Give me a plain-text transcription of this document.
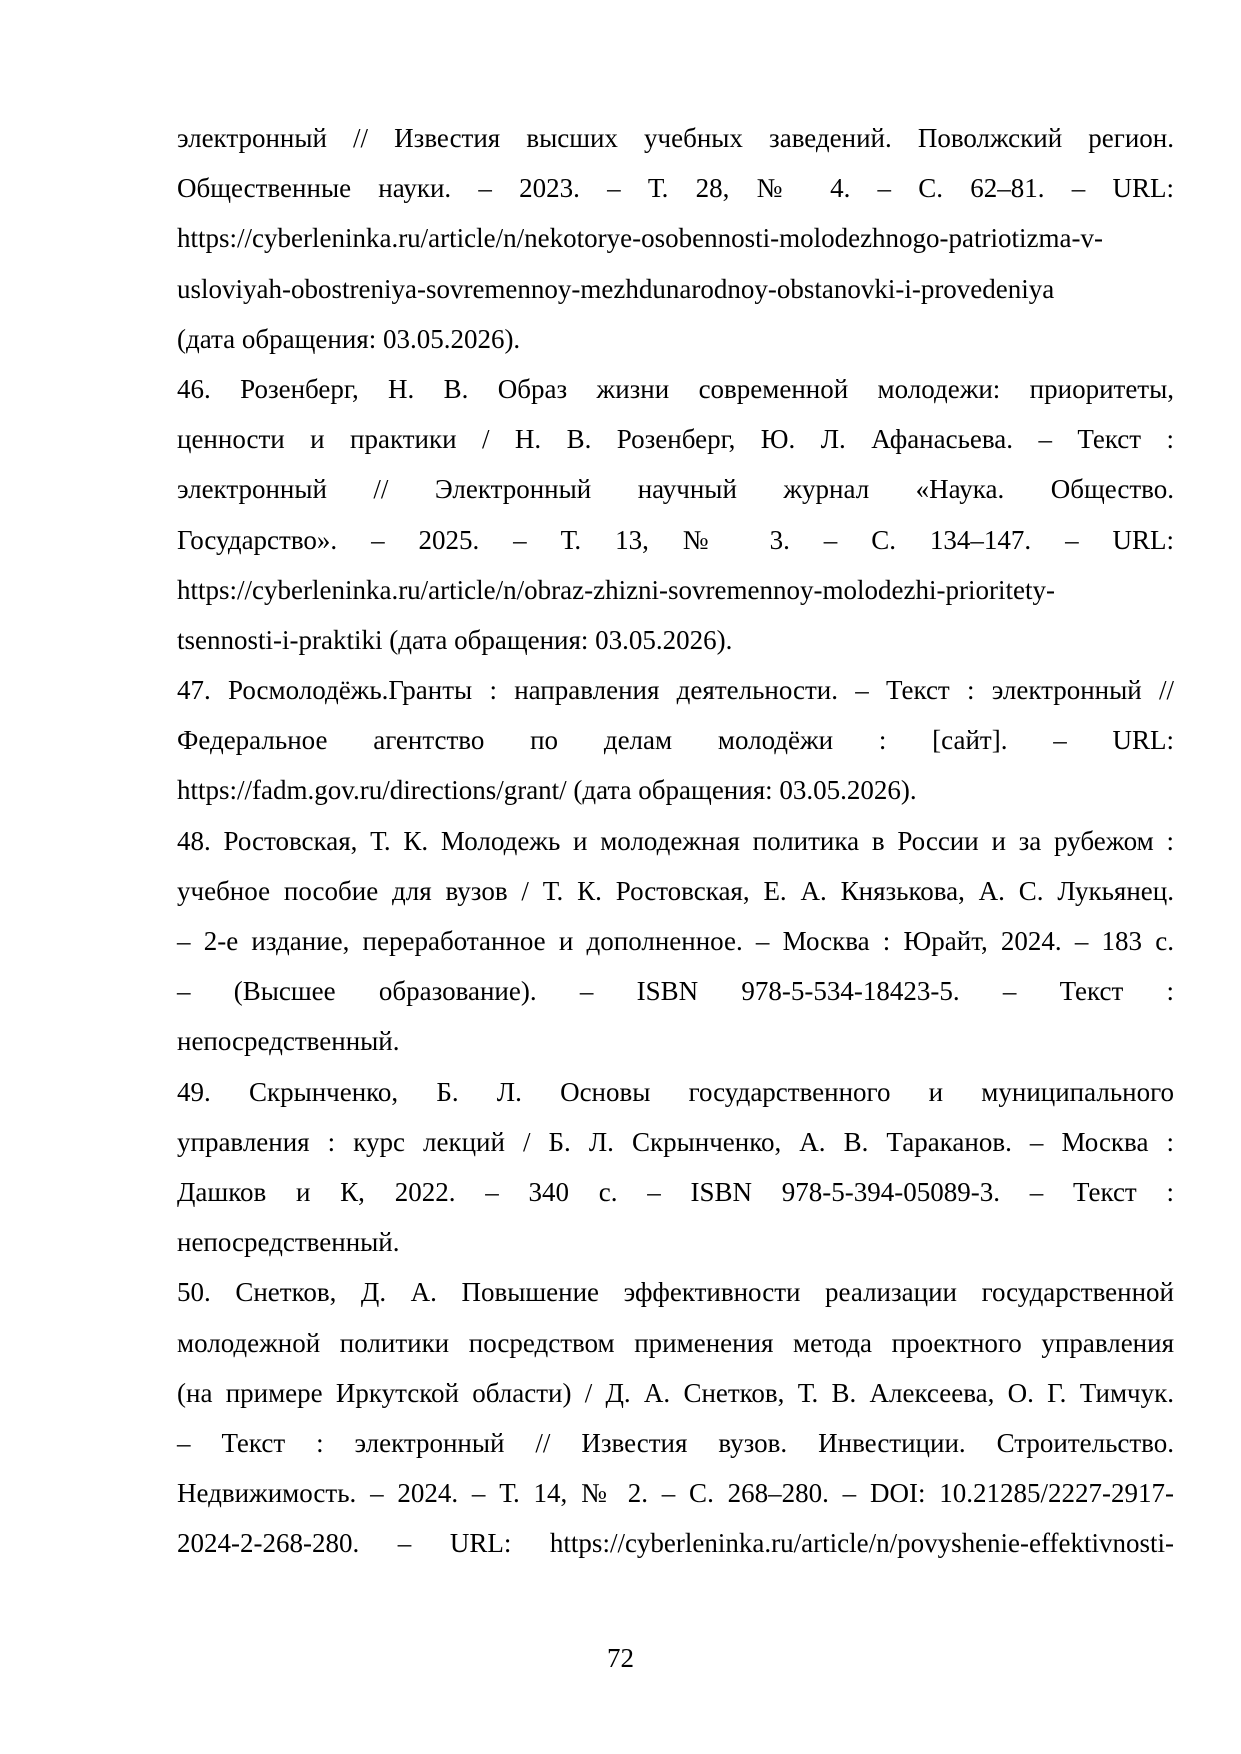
электронный // Известия высших учебных заведений. Поволжский регион.
Общественные науки. – 2023. – Т. 28, № 4. – С. 62–81. – URL:
https://cyberleninka.ru/article/n/nekotorye-osobennosti-molodezhnogo-patriotizma-v-
usloviyah-obostreniya-sovremennoy-mezhdunarodnoy-obstanovki-i-provedeniya
(дата обращения: 03.05.2026).
46. Розенберг, Н. В. Образ жизни современной молодежи: приоритеты,
ценности и практики / Н. В. Розенберг, Ю. Л. Афанасьева. – Текст :
электронный // Электронный научный журнал «Наука. Общество.
Государство». – 2025. – Т. 13, № 3. – С. 134–147. – URL:
https://cyberleninka.ru/article/n/obraz-zhizni-sovremennoy-molodezhi-prioritety-
tsennosti-i-praktiki (дата обращения: 03.05.2026).
47. Росмолодёжь.Гранты : направления деятельности. – Текст : электронный //
Федеральное агентство по делам молодёжи : [сайт]. – URL:
https://fadm.gov.ru/directions/grant/ (дата обращения: 03.05.2026).
48. Ростовская, Т. К. Молодежь и молодежная политика в России и за рубежом :
учебное пособие для вузов / Т. К. Ростовская, Е. А. Князькова, А. С. Лукьянец.
– 2-е издание, переработанное и дополненное. – Москва : Юрайт, 2024. – 183 с.
– (Высшее образование). – ISBN 978-5-534-18423-5. – Текст :
непосредственный.
49. Скрынченко, Б. Л. Основы государственного и муниципального
управления : курс лекций / Б. Л. Скрынченко, А. В. Тараканов. – Москва :
Дашков и К, 2022. – 340 с. – ISBN 978-5-394-05089-3. – Текст :
непосредственный.
50. Снетков, Д. А. Повышение эффективности реализации государственной
молодежной политики посредством применения метода проектного управления
(на примере Иркутской области) / Д. А. Снетков, Т. В. Алексеева, О. Г. Тимчук.
– Текст : электронный // Известия вузов. Инвестиции. Строительство.
Недвижимость. – 2024. – Т. 14, № 2. – С. 268–280. – DOI: 10.21285/2227-2917-
2024-2-268-280. – URL: https://cyberleninka.ru/article/n/povyshenie-effektivnosti-
72
